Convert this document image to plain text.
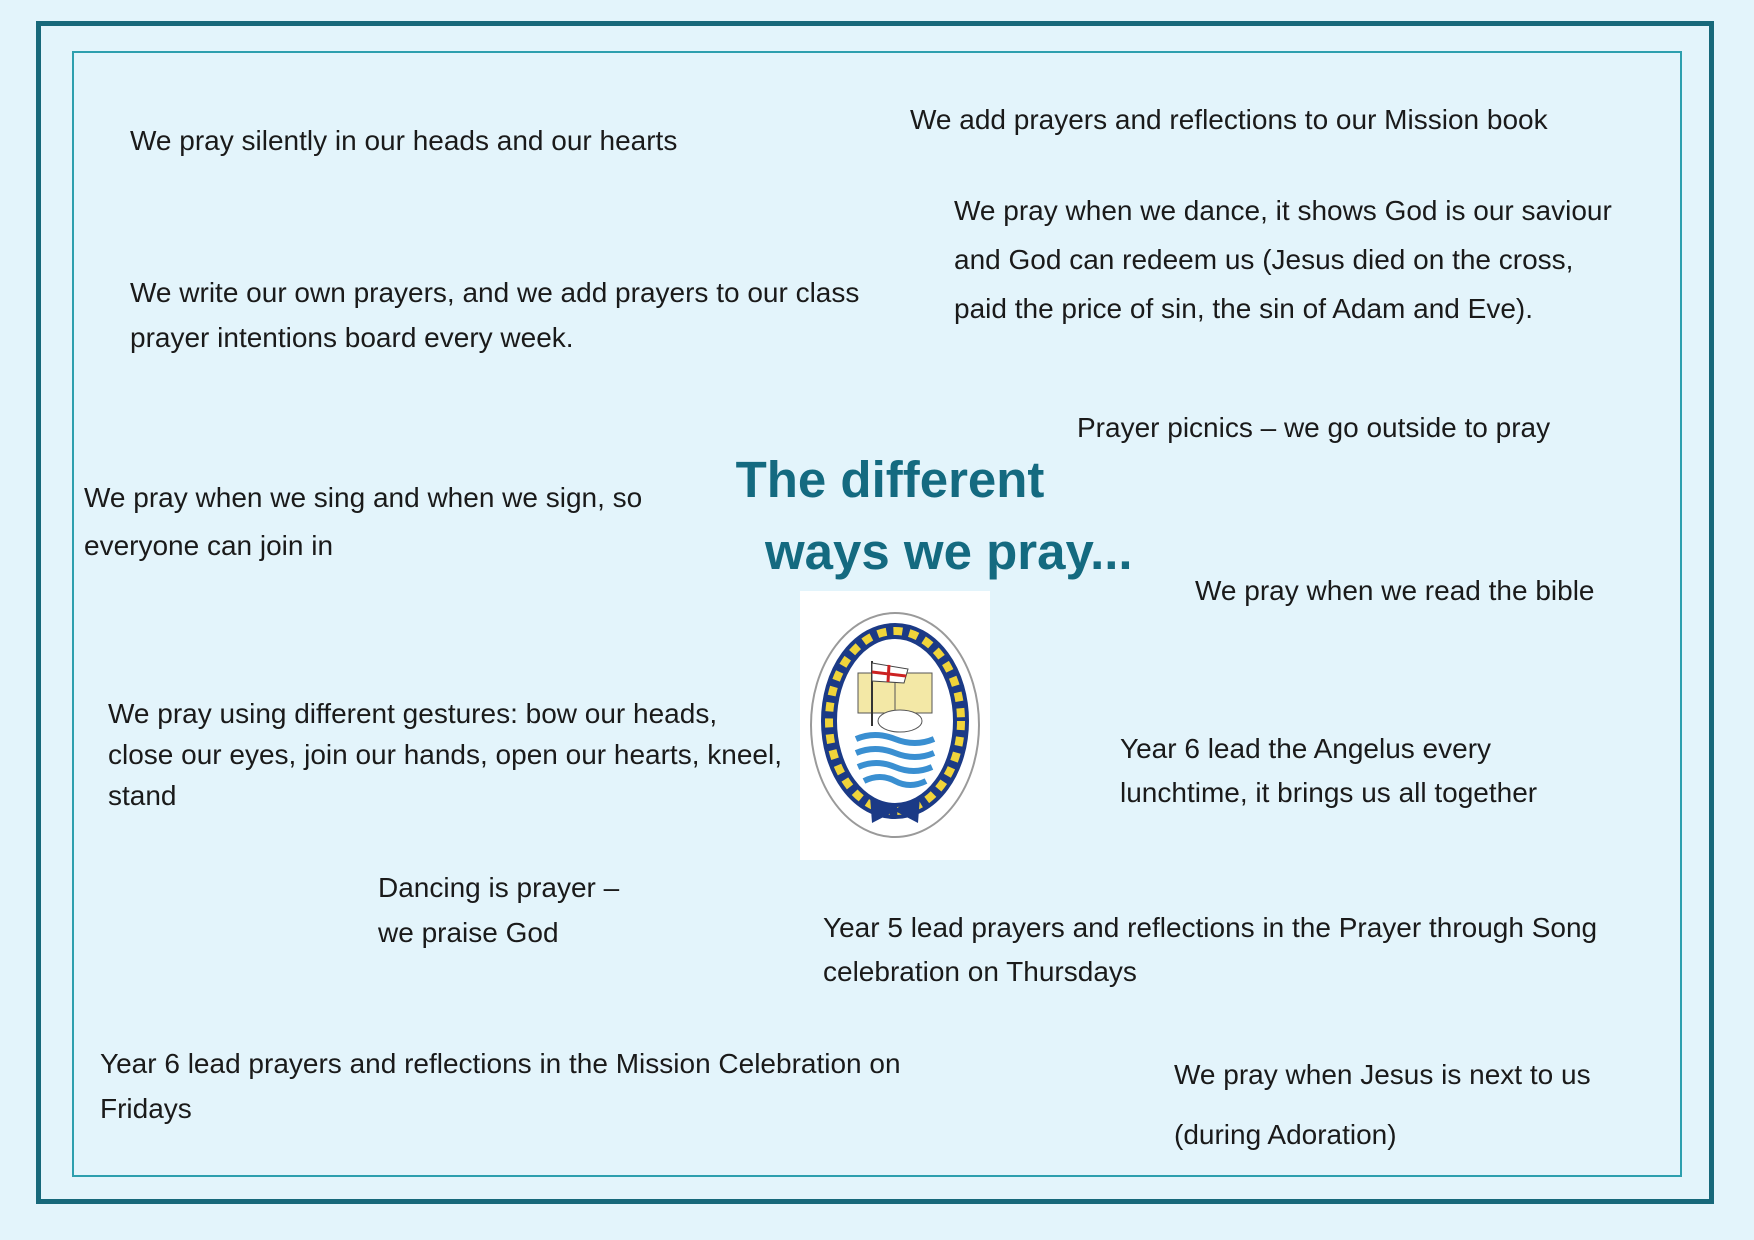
We pray silently in our heads and our hearts

We add prayers and reflections to our Mission book

We pray when we dance, it shows God is our saviour and God can redeem us (Jesus died on the cross, paid the price of sin, the sin of Adam and Eve).

We write our own prayers, and we add prayers to our class prayer intentions board every week.

Prayer picnics – we go outside to pray

We pray when we sing and when we sign, so everyone can join in

The different
ways we pray...

We pray when we read the bible

We pray using different gestures: bow our heads, close our eyes, join our hands, open our hearts, kneel, stand

Year 6 lead the Angelus every lunchtime, it brings us all together

Dancing is prayer –

we praise God	Year 5 lead prayers and reflections in the Prayer through Song celebration on Thursdays

Year 6 lead prayers and reflections in the Mission Celebration on Fridays

We pray when Jesus is next to us

(during Adoration)
